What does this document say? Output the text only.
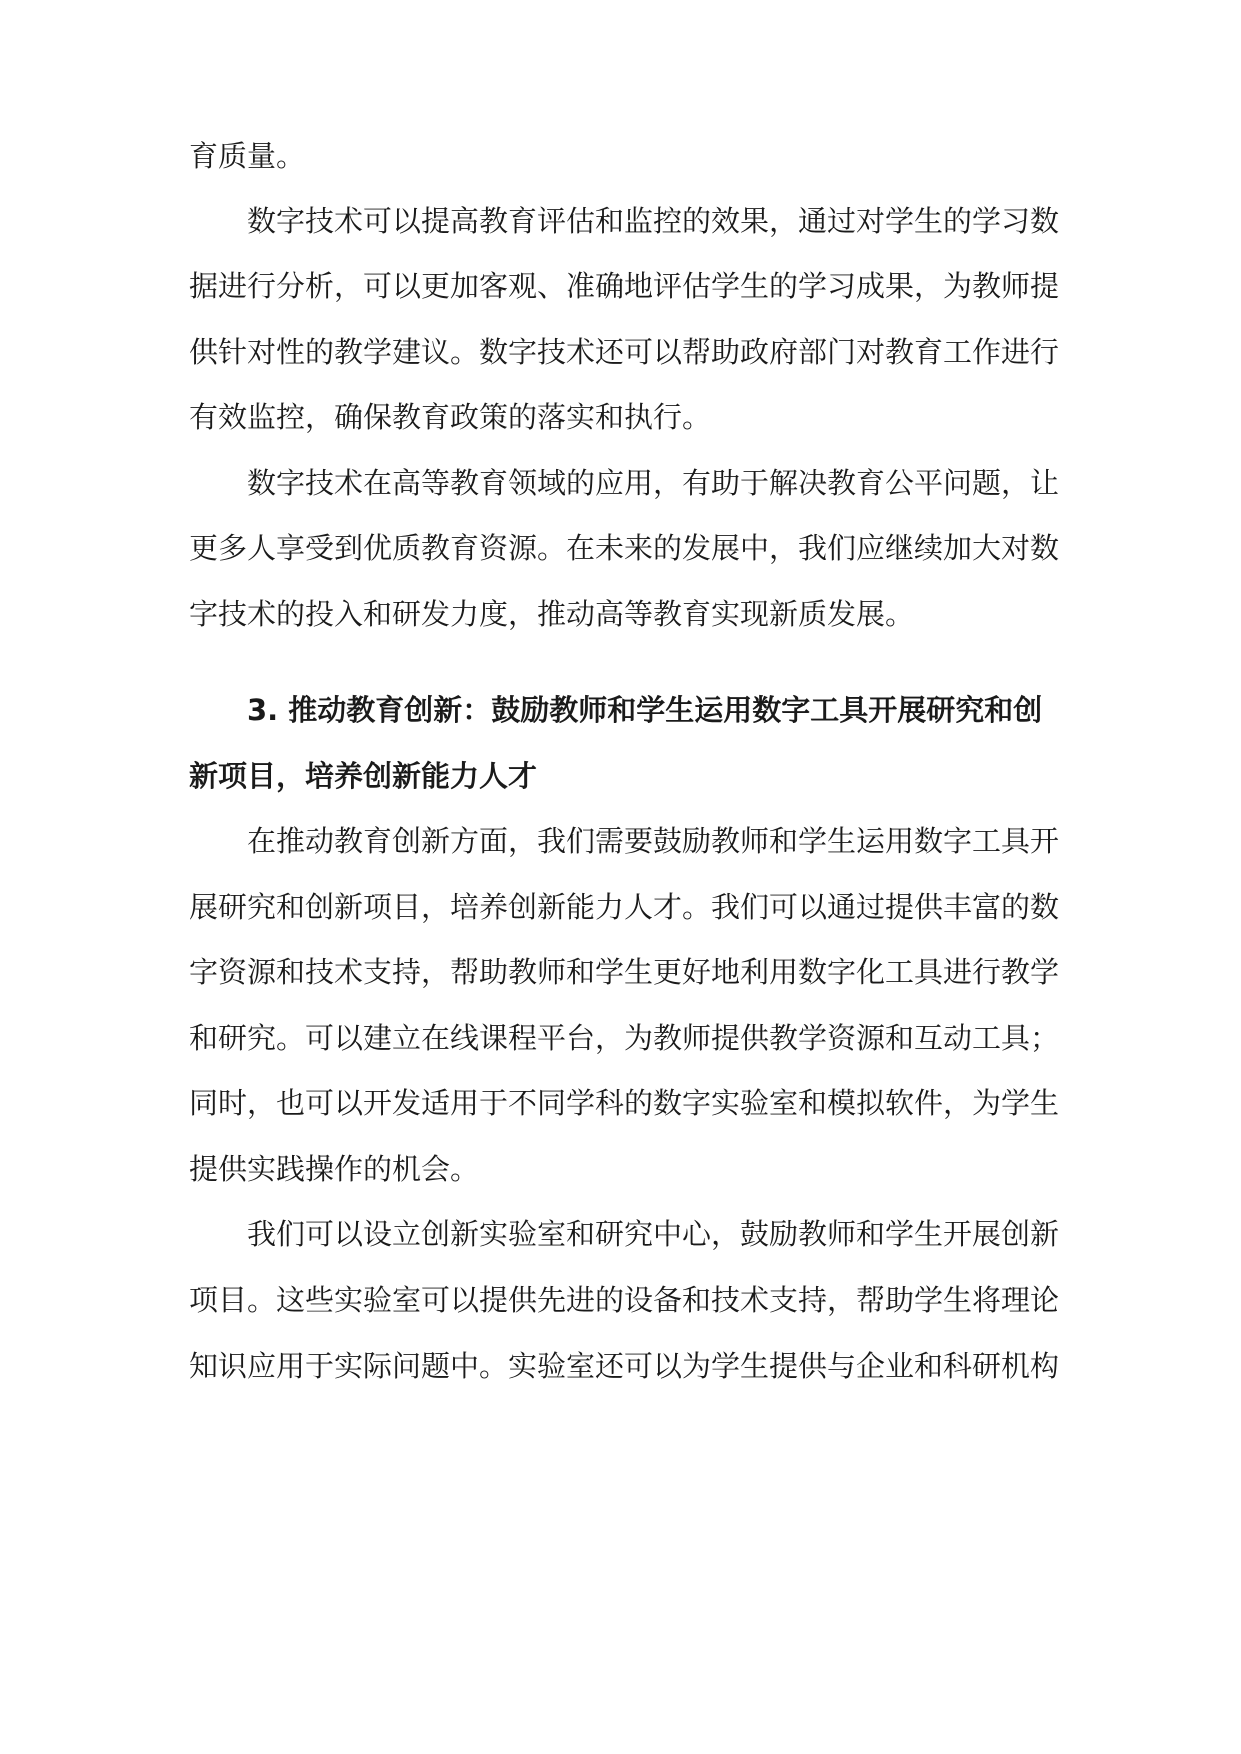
育质量。

数字技术可以提高教育评估和监控的效果，通过对学生的学习数

据进行分析，可以更加客观、准确地评估学生的学习成果，为教师提

供针对性的教学建议。数字技术还可以帮助政府部门对教育工作进行

有效监控，确保教育政策的落实和执行。

数字技术在高等教育领域的应用，有助于解决教育公平问题，让

更多人享受到优质教育资源。在未来的发展中，我们应继续加大对数

字技术的投入和研发力度，推动高等教育实现新质发展。

3. 推动教育创新：鼓励教师和学生运用数字工具开展研究和创

新项目，培养创新能力人才

在推动教育创新方面，我们需要鼓励教师和学生运用数字工具开

展研究和创新项目，培养创新能力人才。我们可以通过提供丰富的数

字资源和技术支持，帮助教师和学生更好地利用数字化工具进行教学

和研究。可以建立在线课程平台，为教师提供教学资源和互动工具；

同时，也可以开发适用于不同学科的数字实验室和模拟软件，为学生

提供实践操作的机会。

我们可以设立创新实验室和研究中心，鼓励教师和学生开展创新

项目。这些实验室可以提供先进的设备和技术支持，帮助学生将理论

知识应用于实际问题中。实验室还可以为学生提供与企业和科研机构
